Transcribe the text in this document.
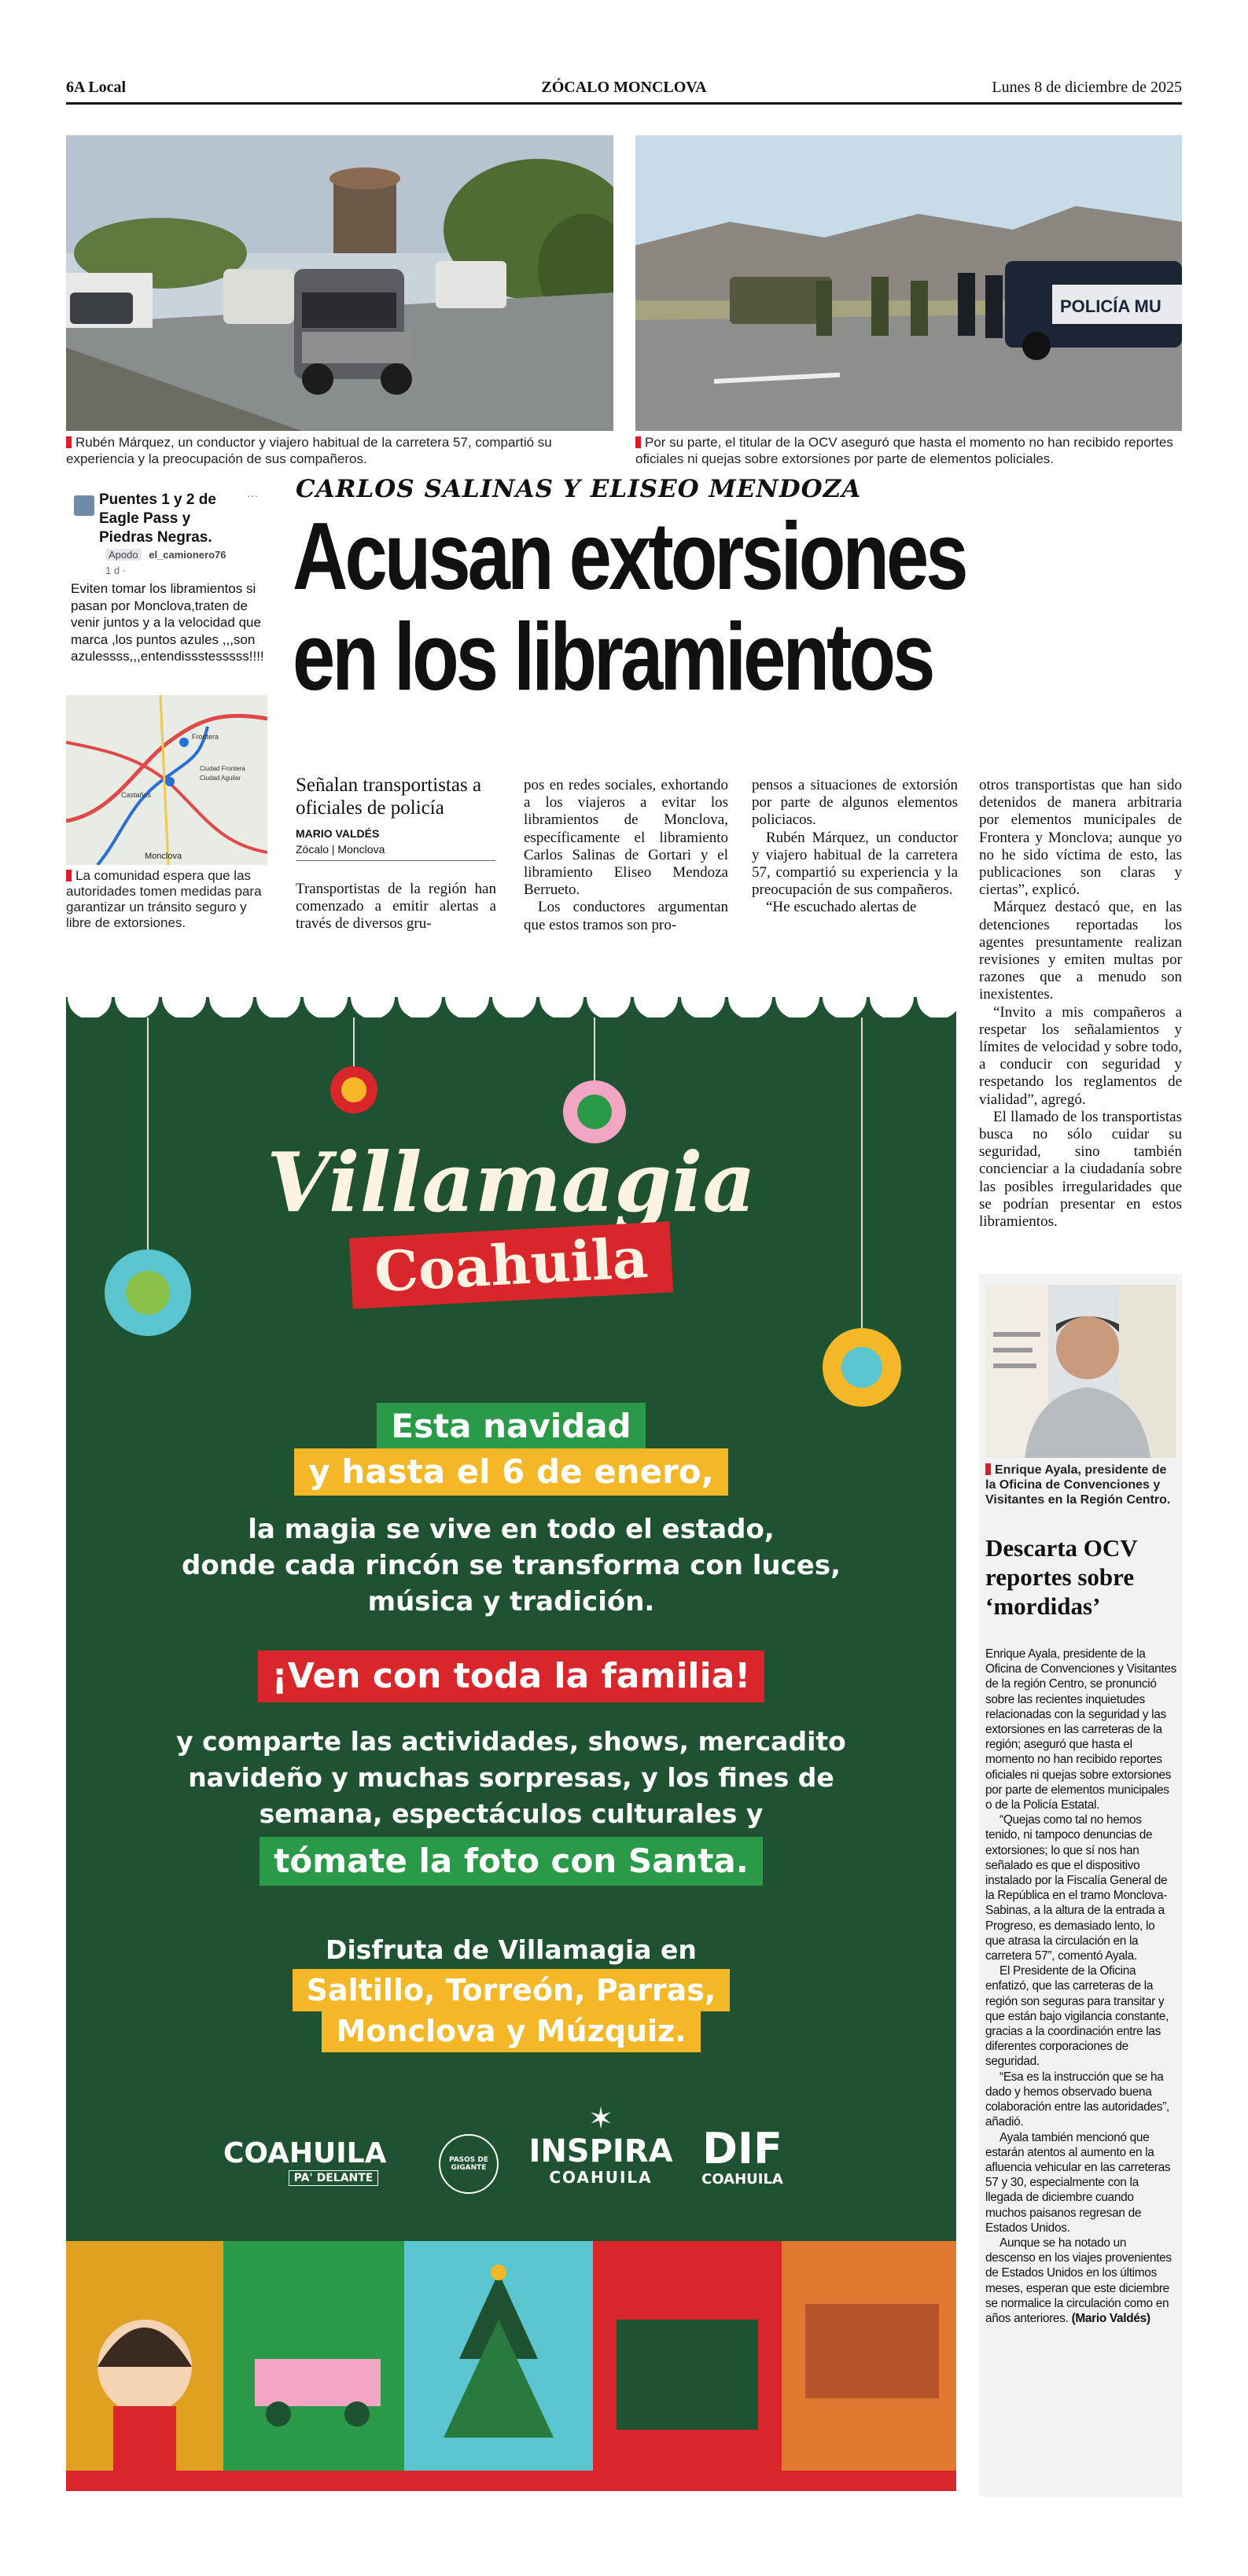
6A Local	ZÓCALO MONCLOVA	Lunes 8 de diciembre de 2025
Rubén Márquez, un conductor y viajero habitual de la carretera 57, compartió su experiencia y la preocupación de sus compañeros.
POLICÍA MU
Por su parte, el titular de la OCV aseguró que hasta el momento no han recibido reportes oficiales ni quejas sobre extorsiones por parte de elementos policiales.
Puentes 1 y 2 de Eagle Pass y Piedras Negras.
···
Apodo el_camionero76
1 d ·
Eviten tomar los libramientos si pasan por Monclova,traten de venir juntos y a la velocidad que marca ,los puntos azules ,,,son azulessss,,,entendissstesssss!!!!
Frontera
Ciudad Frontera
Ciudad Aguilar
Castaños
Monclova
La comunidad espera que las autoridades tomen medidas para garantizar un tránsito seguro y libre de extorsiones.
CARLOS SALINAS Y ELISEO MENDOZA
Acusan extorsiones
en los libramientos
Señalan transportistas a oficiales de policía
MARIO VALDÉS
Zócalo | Monclova

Transportistas de la región han comenzado a emitir alertas a través de diversos gru-

pos en redes sociales, exhortando a los viajeros a evitar los libramientos de Monclova, específicamente el libramiento Carlos Salinas de Gortari y el libramiento Eliseo Mendoza Berrueto.

Los conductores argumentan que estos tramos son pro-

pensos a situaciones de extorsión por parte de algunos elementos policiacos.

Rubén Márquez, un conductor y viajero habitual de la carretera 57, compartió su experiencia y la preocupación de sus compañeros.

“He escuchado alertas de

otros transportistas que han sido detenidos de manera arbitraria por elementos municipales de Frontera y Monclova; aunque yo no he sido víctima de esto, las publicaciones son claras y ciertas”, explicó.

Márquez destacó que, en las detenciones reportadas los agentes presuntamente realizan revisiones y emiten multas por razones que a menudo son inexistentes.

“Invito a mis compañeros a respetar los señalamientos y límites de velocidad y sobre todo, a conducir con seguridad y respetando los reglamentos de vialidad”, agregó.

El llamado de los transportistas busca no sólo cuidar su seguridad, sino también concienciar a la ciudadanía sobre las posibles irregularidades que se podrían presentar en estos libramientos.

Villamagia
Coahuila
Esta navidad
y hasta el 6 de enero,
la magia se vive en todo el estado,
donde cada rincón se transforma con luces,
música y tradición.
¡Ven con toda la familia!
y comparte las actividades, shows, mercadito
navideño y muchas sorpresas, y los fines de
semana, espectáculos culturales y
tómate la foto con Santa.
Disfruta de Villamagia en
Saltillo, Torreón, Parras,
Monclova y Múzquiz.
COAHUILA
PA' DELANTE
PASOS DE GIGANTE
✶
INSPIRA
COAHUILA
DIF
COAHUILA
Enrique Ayala, presidente de la Oficina de Convenciones y Visitantes en la Región Centro.
Descarta OCV reportes sobre ‘mordidas’

Enrique Ayala, presidente de la Oficina de Convenciones y Visitantes de la región Centro, se pronunció sobre las recientes inquietudes relacionadas con la seguridad y las extorsiones en las carreteras de la región; aseguró que hasta el momento no han recibido reportes oficiales ni quejas sobre extorsiones por parte de elementos municipales o de la Policía Estatal.

“Quejas como tal no hemos tenido, ni tampoco denuncias de extorsiones; lo que sí nos han señalado es que el dispositivo instalado por la Fiscalía General de la República en el tramo Monclova-Sabinas, a la altura de la entrada a Progreso, es demasiado lento, lo que atrasa la circulación en la carretera 57”, comentó Ayala.

El Presidente de la Oficina enfatizó, que las carreteras de la región son seguras para transitar y que están bajo vigilancia constante, gracias a la coordinación entre las diferentes corporaciones de seguridad.

“Esa es la instrucción que se ha dado y hemos observado buena colaboración entre las autoridades”, añadió.

Ayala también mencionó que estarán atentos al aumento en la afluencia vehicular en las carreteras 57 y 30, especialmente con la llegada de diciembre cuando muchos paisanos regresan de Estados Unidos.

Aunque se ha notado un descenso en los viajes provenientes de Estados Unidos en los últimos meses, esperan que este diciembre se normalice la circulación como en años anteriores. (Mario Valdés)
